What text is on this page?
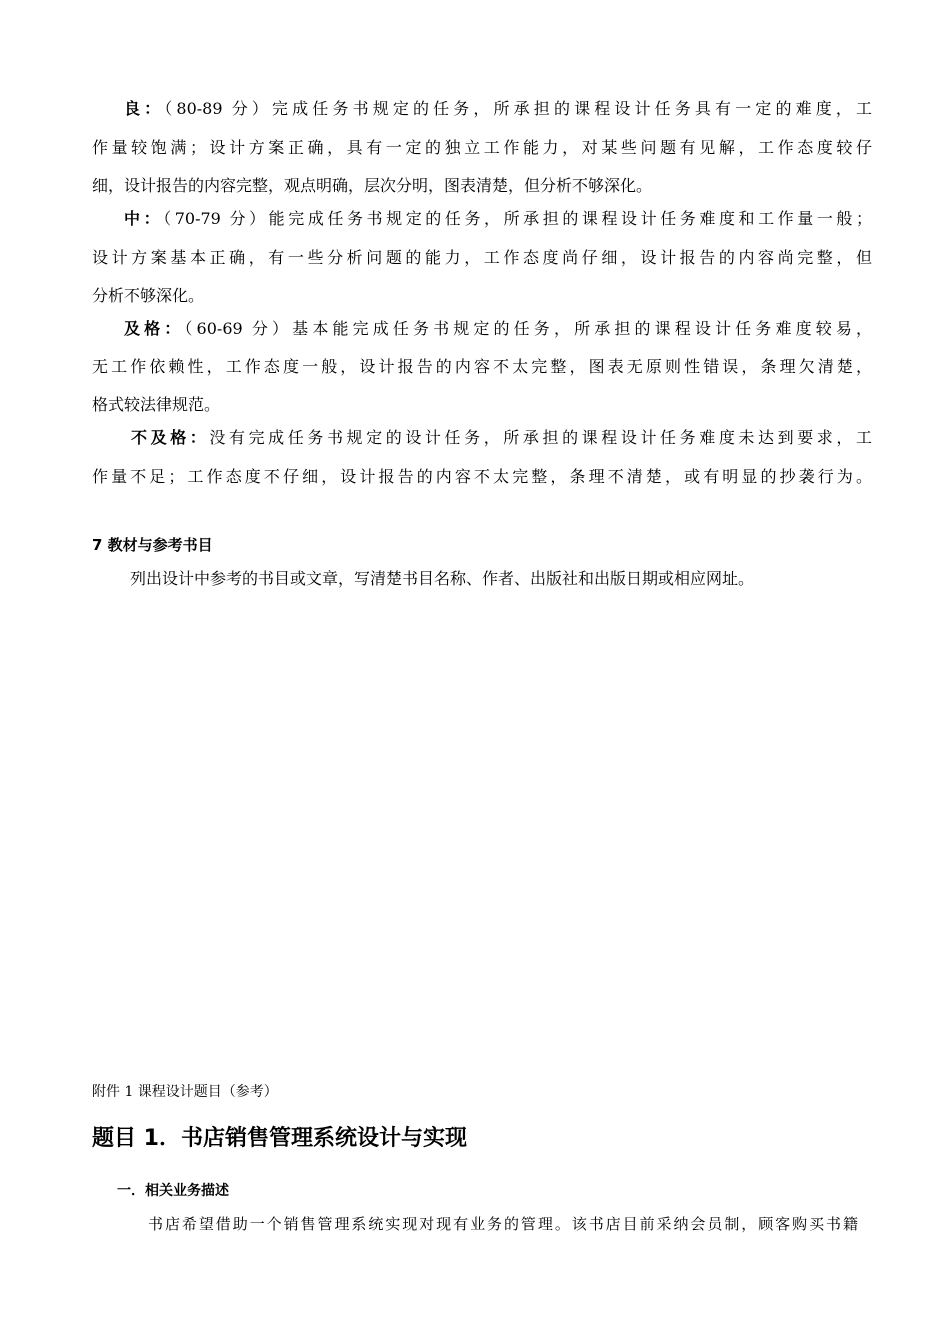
良：（80-89 分）完成任务书规定的任务，所承担的课程设计任务具有一定的难度，工
作量较饱满；设计方案正确，具有一定的独立工作能力，对某些问题有见解，工作态度较仔
细，设计报告的内容完整，观点明确，层次分明，图表清楚，但分析不够深化。
中：（70-79 分）能完成任务书规定的任务，所承担的课程设计任务难度和工作量一般；
设计方案基本正确，有一些分析问题的能力，工作态度尚仔细，设计报告的内容尚完整，但
分析不够深化。
及格：（60-69 分）基本能完成任务书规定的任务，所承担的课程设计任务难度较易，
无工作依赖性，工作态度一般，设计报告的内容不太完整，图表无原则性错误，条理欠清楚，
格式较法律规范。
不及格：没有完成任务书规定的设计任务，所承担的课程设计任务难度未达到要求，工
作量不足；工作态度不仔细，设计报告的内容不太完整，条理不清楚，或有明显的抄袭行为。
7 教材与参考书目
列出设计中参考的书目或文章，写清楚书目名称、作者、出版社和出版日期或相应网址。
附件 1 课程设计题目（参考）
题目 1．书店销售管理系统设计与实现
一．相关业务描述
书店希望借助一个销售管理系统实现对现有业务的管理。该书店目前采纳会员制，顾客购买书籍
